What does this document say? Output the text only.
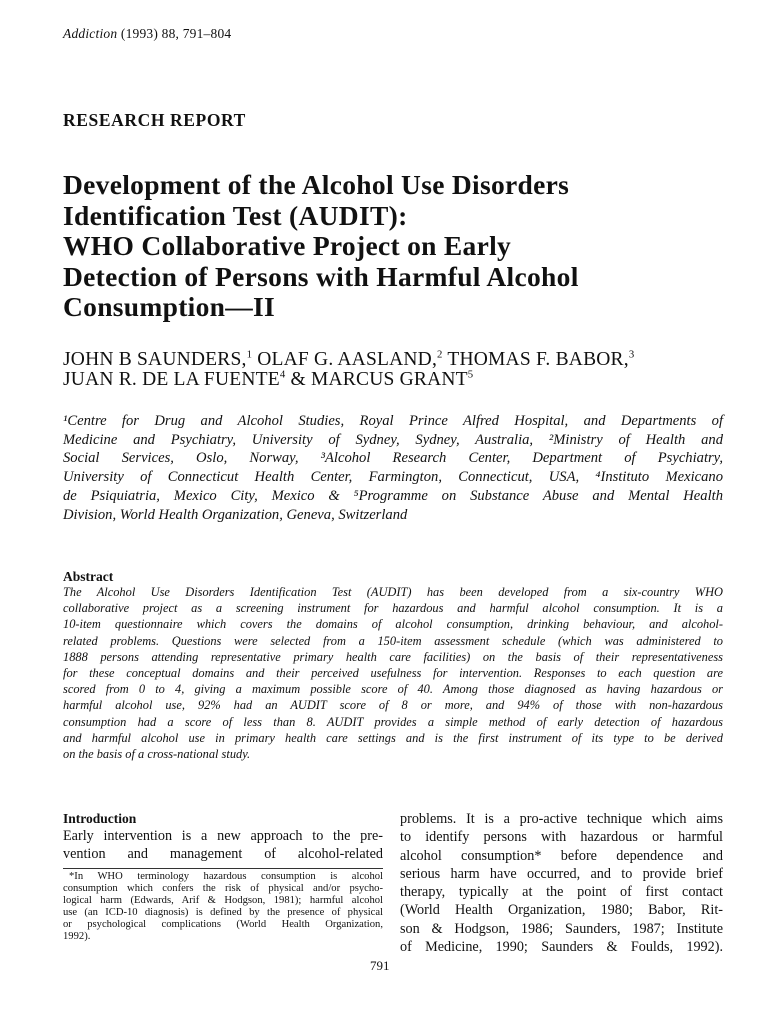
Addiction (1993) 88, 791–804
RESEARCH REPORT
Development of the Alcohol Use Disorders
Identification Test (AUDIT):
WHO Collaborative Project on Early
Detection of Persons with Harmful Alcohol
Consumption—II
JOHN B SAUNDERS,$^1$ OLAF G. AASLAND,$^2$ THOMAS F. BABOR,$^3$
JUAN R. DE LA FUENTE$^4$ & MARCUS GRANT$^5$
¹Centre for Drug and Alcohol Studies, Royal Prince Alfred Hospital, and Departments of
Medicine and Psychiatry, University of Sydney, Sydney, Australia, ²Ministry of Health and
Social Services, Oslo, Norway, ³Alcohol Research Center, Department of Psychiatry,
University of Connecticut Health Center, Farmington, Connecticut, USA, ⁴Instituto Mexicano
de Psiquiatria, Mexico City, Mexico & ⁵Programme on Substance Abuse and Mental Health
Division, World Health Organization, Geneva, Switzerland
Abstract
The Alcohol Use Disorders Identification Test (AUDIT) has been developed from a six-country WHO
collaborative project as a screening instrument for hazardous and harmful alcohol consumption. It is a
10-item questionnaire which covers the domains of alcohol consumption, drinking behaviour, and alcohol-
related problems. Questions were selected from a 150-item assessment schedule (which was administered to
1888 persons attending representative primary health care facilities) on the basis of their representativeness
for these conceptual domains and their perceived usefulness for intervention. Responses to each question are
scored from 0 to 4, giving a maximum possible score of 40. Among those diagnosed as having hazardous or
harmful alcohol use, 92% had an AUDIT score of 8 or more, and 94% of those with non-hazardous
consumption had a score of less than 8. AUDIT provides a simple method of early detection of hazardous
and harmful alcohol use in primary health care settings and is the first instrument of its type to be derived
on the basis of a cross-national study.
Introduction
Early intervention is a new approach to the pre-
vention and management of alcohol-related
*In WHO terminology hazardous consumption is alcohol
consumption which confers the risk of physical and/or psycho-
logical harm (Edwards, Arif & Hodgson, 1981); harmful alcohol
use (an ICD-10 diagnosis) is defined by the presence of physical
or psychological complications (World Health Organization,
1992).
problems. It is a pro-active technique which aims
to identify persons with hazardous or harmful
alcohol consumption* before dependence and
serious harm have occurred, and to provide brief
therapy, typically at the point of first contact
(World Health Organization, 1980; Babor, Rit-
son & Hodgson, 1986; Saunders, 1987; Institute
of Medicine, 1990; Saunders & Foulds, 1992).
791
